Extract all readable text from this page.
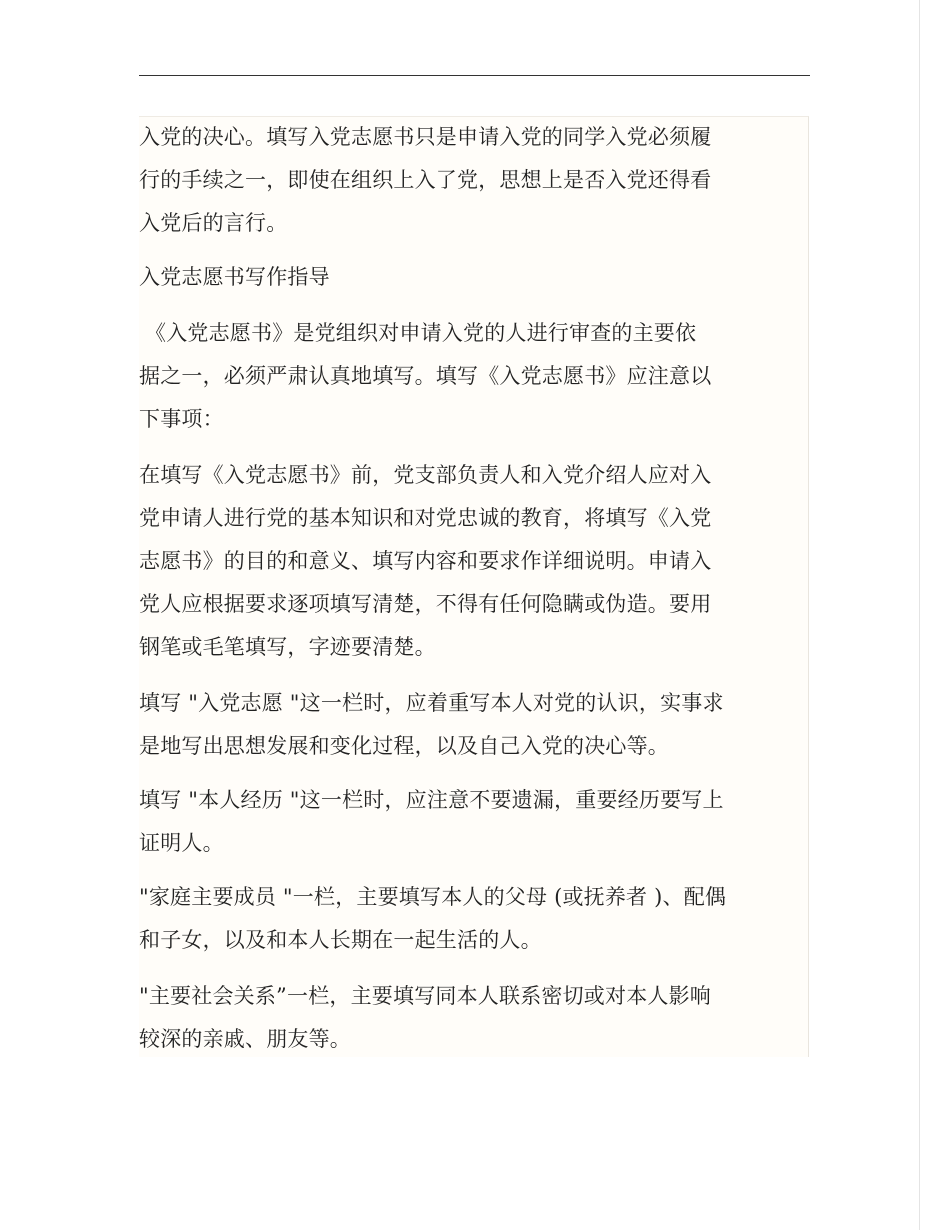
入党的决心。填写入党志愿书只是申请入党的同学入党必须履
行的手续之一，即使在组织上入了党，思想上是否入党还得看
入党后的言行。

入党志愿书写作指导

《入党志愿书》是党组织对申请入党的人进行审查的主要依
据之一，必须严肃认真地填写。填写《入党志愿书》应注意以
下事项：

在填写《入党志愿书》前，党支部负责人和入党介绍人应对入
党申请人进行党的基本知识和对党忠诚的教育，将填写《入党
志愿书》的目的和意义、填写内容和要求作详细说明。申请入
党人应根据要求逐项填写清楚，不得有任何隐瞒或伪造。要用
钢笔或毛笔填写，字迹要清楚。

填写 "入党志愿 "这一栏时，应着重写本人对党的认识，实事求
是地写出思想发展和变化过程，以及自己入党的决心等。

填写 "本人经历 "这一栏时，应注意不要遗漏，重要经历要写上
证明人。

"家庭主要成员 "一栏，主要填写本人的父母 (或抚养者 )、配偶
和子女，以及和本人长期在一起生活的人。

"主要社会关系”一栏，主要填写同本人联系密切或对本人影响
较深的亲戚、朋友等。
